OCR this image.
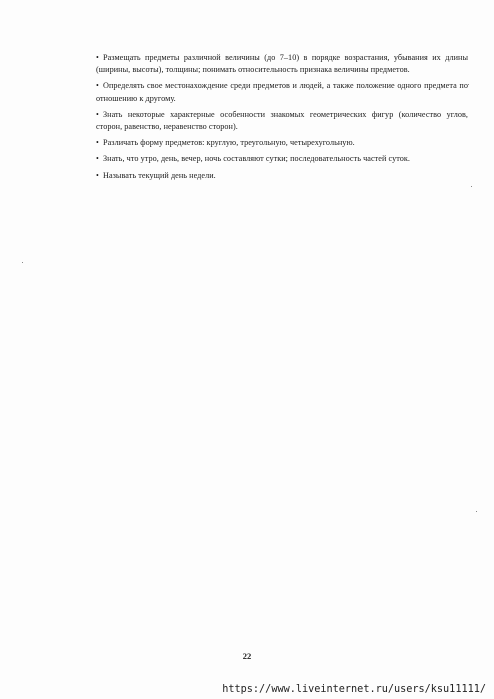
• Размещать предметы различной величины (до 7–10) в порядке возрастания, убывания их длины (ширины, высоты), толщины; понимать относительность признака величины предметов.

• Определять свое местонахождение среди предметов и людей, а также положение одного предмета по отношению к другому.

• Знать некоторые характерные особенности знакомых геометрических фигур (количество углов, сторон, равенство, неравенство сторон).

• Различать форму предметов: круглую, треугольную, четырехугольную.

• Знать, что утро, день, вечер, ночь составляют сутки; последовательность частей суток.

• Называть текущий день недели.

22
https://www.liveinternet.ru/users/ksu11111/
